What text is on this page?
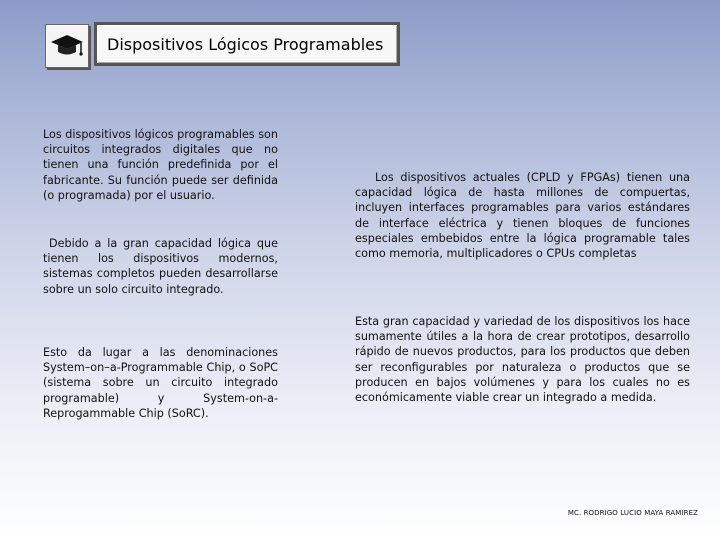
Dispositivos Lógicos Programables

Los dispositivos lógicos programables son circuitos integrados digitales que no tienen una función predefinida por el fabricante. Su función puede ser definida (o programada) por el usuario.

Debido a la gran capacidad lógica que tienen los dispositivos modernos, sistemas completos pueden desarrollarse sobre un solo circuito integrado.

Esto da lugar a las denominaciones System–on–a-Programmable Chip, o SoPC (sistema sobre un circuito integrado programable) y System-on-a-Reprogammable Chip (SoRC).

Los dispositivos actuales (CPLD y FPGAs) tienen una capacidad lógica de hasta millones de compuertas, incluyen interfaces programables para varios estándares de interface eléctrica y tienen bloques de funciones especiales embebidos entre la lógica programable tales como memoria, multiplicadores o CPUs completas

Esta gran capacidad y variedad de los dispositivos los hace sumamente útiles a la hora de crear prototipos, desarrollo rápido de nuevos productos, para los productos que deben ser reconfigurables por naturaleza o productos que se producen en bajos volúmenes y para los cuales no es económicamente viable crear un integrado a medida.

MC. RODRIGO LUCIO MAYA RAMIREZ
